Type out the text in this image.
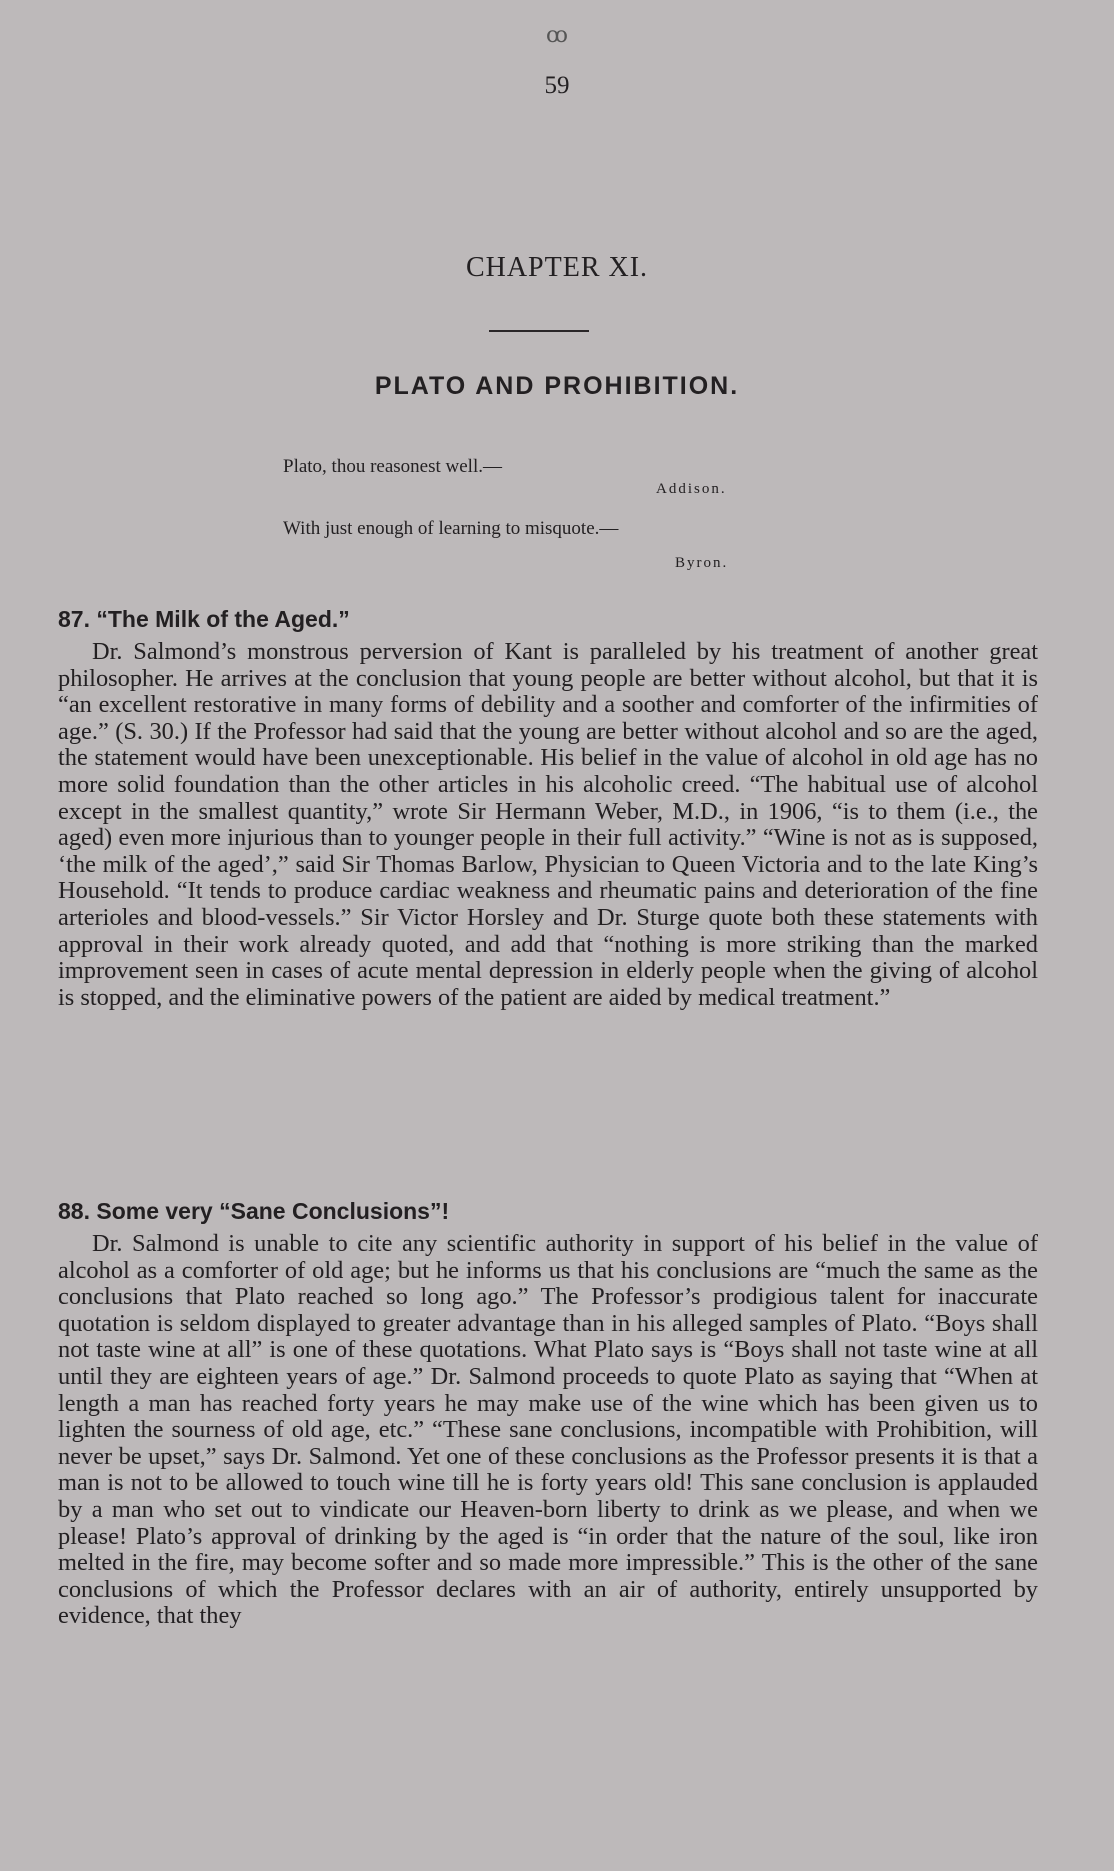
ꝏ
59
CHAPTER XI.
PLATO AND PROHIBITION.
Plato, thou reasonest well.—
Addison.
With just enough of learning to misquote.—
Byron.
87. “The Milk of the Aged.”

Dr. Salmond’s monstrous perversion of Kant is paralleled by his treatment of another great philosopher. He arrives at the conclusion that young people are better without alcohol, but that it is “an excellent restorative in many forms of debility and a soother and comforter of the infirmities of age.” (S. 30.) If the Professor had said that the young are better without alcohol and so are the aged, the statement would have been unexceptionable. His belief in the value of alcohol in old age has no more solid foundation than the other articles in his alcoholic creed. “The habitual use of alcohol except in the smallest quantity,” wrote Sir Hermann Weber, M.D., in 1906, “is to them (i.e., the aged) even more injurious than to younger people in their full activity.” “Wine is not as is supposed, ‘the milk of the aged’,” said Sir Thomas Barlow, Physician to Queen Victoria and to the late King’s Household. “It tends to produce cardiac weakness and rheumatic pains and deterioration of the fine arterioles and blood-vessels.” Sir Victor Horsley and Dr. Sturge quote both these statements with approval in their work already quoted, and add that “nothing is more striking than the marked improvement seen in cases of acute mental depression in elderly people when the giving of alcohol is stopped, and the eliminative powers of the patient are aided by medical treatment.”

88. Some very “Sane Conclusions”!

Dr. Salmond is unable to cite any scientific authority in support of his belief in the value of alcohol as a comforter of old age; but he informs us that his conclusions are “much the same as the conclusions that Plato reached so long ago.” The Professor’s prodigious talent for inaccurate quotation is seldom displayed to greater advantage than in his alleged samples of Plato. “Boys shall not taste wine at all” is one of these quotations. What Plato says is “Boys shall not taste wine at all until they are eighteen years of age.” Dr. Salmond proceeds to quote Plato as saying that “When at length a man has reached forty years he may make use of the wine which has been given us to lighten the sourness of old age, etc.” “These sane conclusions, incompatible with Prohibition, will never be upset,” says Dr. Salmond. Yet one of these conclusions as the Professor presents it is that a man is not to be allowed to touch wine till he is forty years old! This sane conclusion is applauded by a man who set out to vindicate our Heaven-born liberty to drink as we please, and when we please! Plato’s approval of drinking by the aged is “in order that the nature of the soul, like iron melted in the fire, may become softer and so made more impressible.” This is the other of the sane conclusions of which the Professor declares with an air of authority, entirely unsupported by evidence, that they
